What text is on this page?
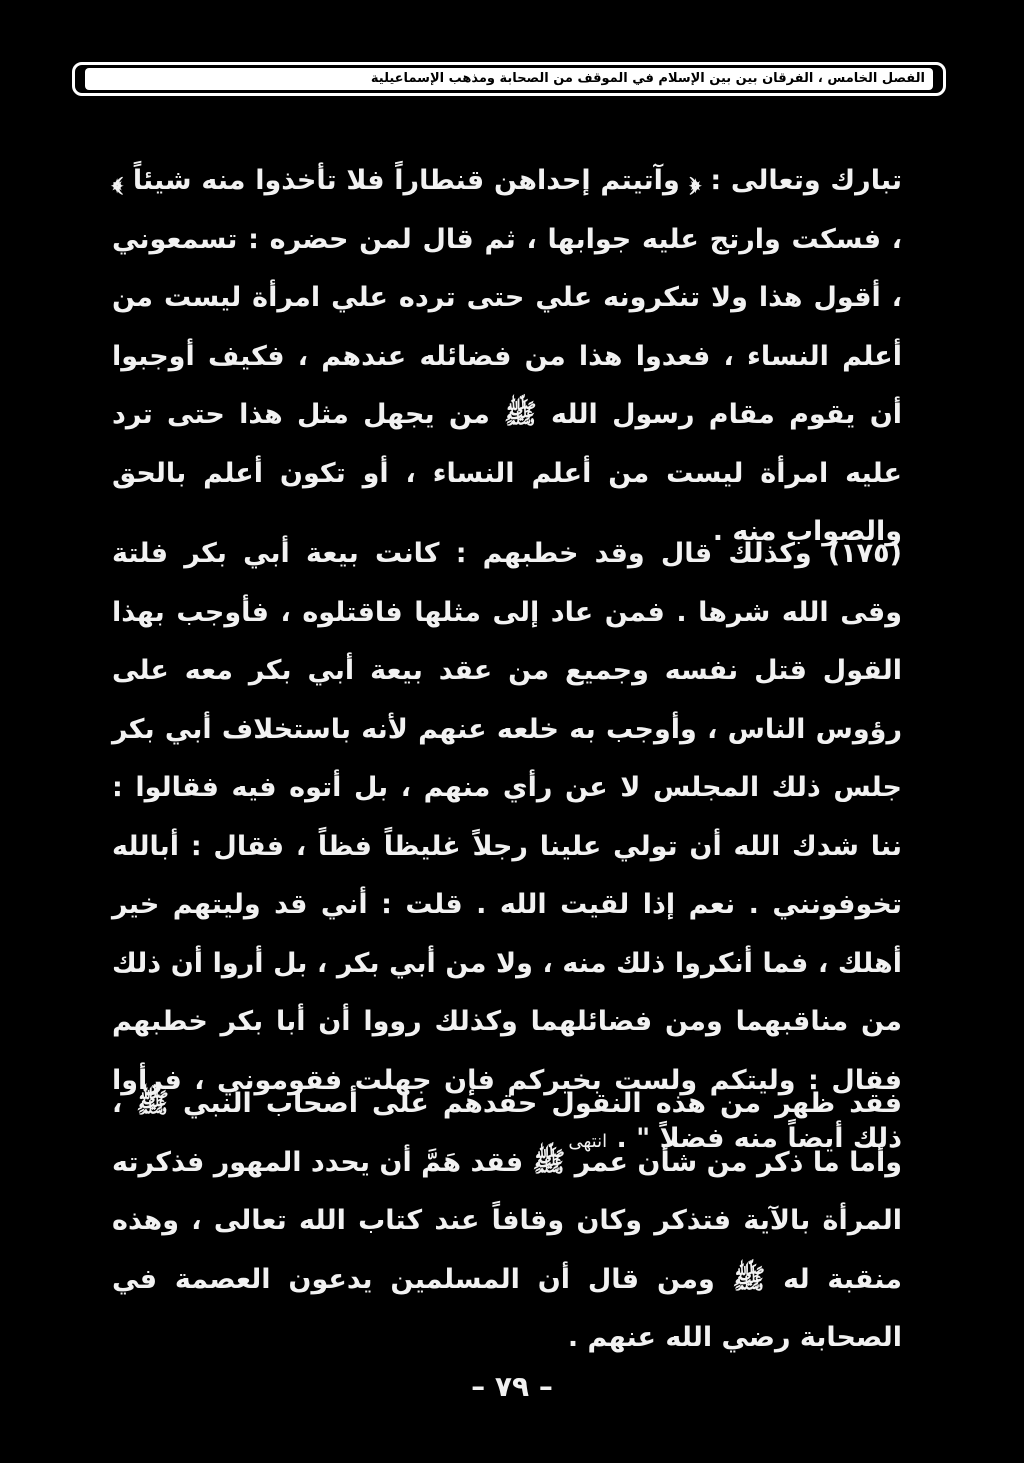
الفصل الخامس ، الفرقان بين بين الإسلام في الموقف من الصحابة ومذهب الإسماعيلية
تبارك وتعالى : ﴿ وآتيتم إحداهن قنطاراً فلا تأخذوا منه شيئاً ﴾ ، فسكت وارتج عليه جوابها ، ثم قال لمن حضره : تسمعوني ، أقول هذا ولا تنكرونه علي حتى ترده علي امرأة ليست من أعلم النساء ، فعدوا هذا من فضائله عندهم ، فكيف أوجبوا أن يقوم مقام رسول الله ﷺ من يجهل مثل هذا حتى ترد عليه امرأة ليست من أعلم النساء ، أو تكون أعلم بالحق والصواب منه .
(١٧٥) وكذلك قال وقد خطبهم : كانت بيعة أبي بكر فلتة وقى الله شرها . فمن عاد إلى مثلها فاقتلوه ، فأوجب بهذا القول قتل نفسه وجميع من عقد بيعة أبي بكر معه على رؤوس الناس ، وأوجب به خلعه عنهم لأنه باستخلاف أبي بكر جلس ذلك المجلس لا عن رأي منهم ، بل أتوه فيه فقالوا : ننا شدك الله أن تولي علينا رجلاً غليظاً فظاً ، فقال : أبالله تخوفونني . نعم إذا لقيت الله . قلت : أني قد وليتهم خير أهلك ، فما أنكروا ذلك منه ، ولا من أبي بكر ، بل أروا أن ذلك من مناقبهما ومن فضائلهما وكذلك رووا أن أبا بكر خطبهم فقال : وليتكم ولست بخيركم فإن جهلت فقوموني ، فرأوا ذلك أيضاً منه فضلاً " . انتهى
فقد ظهر من هذه النقول حقدهم على أصحاب النبي ﷺ ، وأما ما ذكر من شأن عمر ﷺ فقد هَمَّ أن يحدد المهور فذكرته المرأة بالآية فتذكر وكان وقافاً عند كتاب الله تعالى ، وهذه منقبة له ﷺ ومن قال أن المسلمين يدعون العصمة في الصحابة رضي الله عنهم .
– ٧٩ –
